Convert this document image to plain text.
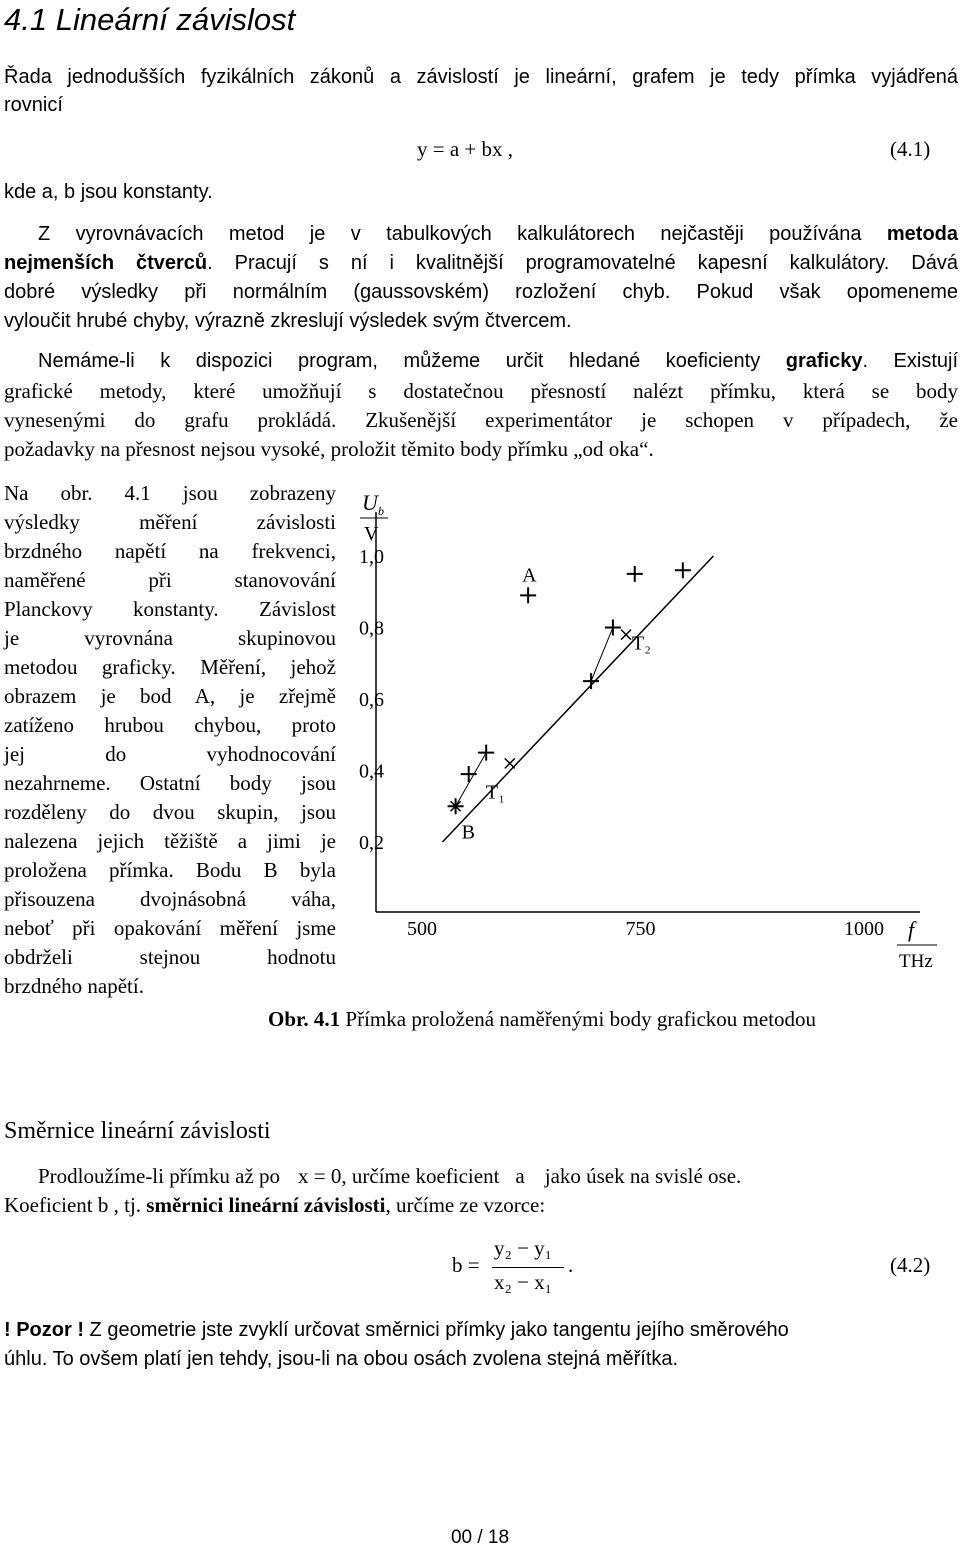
4.1 Lineární závislost
Řada jednodušších fyzikálních zákonů a závislostí je lineární, grafem je tedy přímka vyjádřená
rovnicí
y = a + bx ,	(4.1)
kde a, b jsou konstanty.
Z vyrovnávacích metod je v tabulkových kalkulátorech nejčastěji používána metoda
nejmenších čtverců. Pracují s ní i kvalitnější programovatelné kapesní kalkulátory. Dává
dobré výsledky při normálním (gaussovském) rozložení chyb. Pokud však opomeneme
vyloučit hrubé chyby, výrazně zkreslují výsledek svým čtvercem.
Nemáme-li k dispozici program, můžeme určit hledané koeficienty graficky. Existují
grafické metody, které umožňují s dostatečnou přesností nalézt přímku, která se body
vynesenými do grafu prokládá. Zkušenější experimentátor je schopen v případech, že
požadavky na přesnost nejsou vysoké, proložit těmito body přímku „od oka“.
Na obr. 4.1 jsou zobrazeny
výsledky měření závislosti
brzdného napětí na frekvenci,
naměřené při stanovování
Planckovy konstanty. Závislost
je vyrovnána skupinovou
metodou graficky. Měření, jehož
obrazem je bod A, je zřejmě
zatíženo hrubou chybou, proto
jej do vyhodnocování
nezahrneme. Ostatní body jsou
rozděleny do dvou skupin, jsou
nalezena jejich těžiště a jimi je
proložena přímka. Bodu B byla
přisouzena dvojnásobná váha,
neboť při opakování měření jsme
obdrželi stejnou hodnotu
brzdného napětí.
U b
V
1,0
0,8
0,6
0,4
0,2
500	750	1000 f
THz
A
B
T 1
T 2
Obr. 4.1 Přímka proložená naměřenými body grafickou metodou
Směrnice lineární závislosti
Prodloužíme-li přímku až po x = 0, určíme koeficient a jako úsek na svislé ose.
Koeficient b , tj. směrnici lineární závislosti, určíme ze vzorce:
b =
y₂ − y₁
x₂ − x₁
.	(4.2)
! Pozor ! Z geometrie jste zvyklí určovat směrnici přímky jako tangentu jejího směrového
úhlu. To ovšem platí jen tehdy, jsou-li na obou osách zvolena stejná měřítka.
00 / 18
